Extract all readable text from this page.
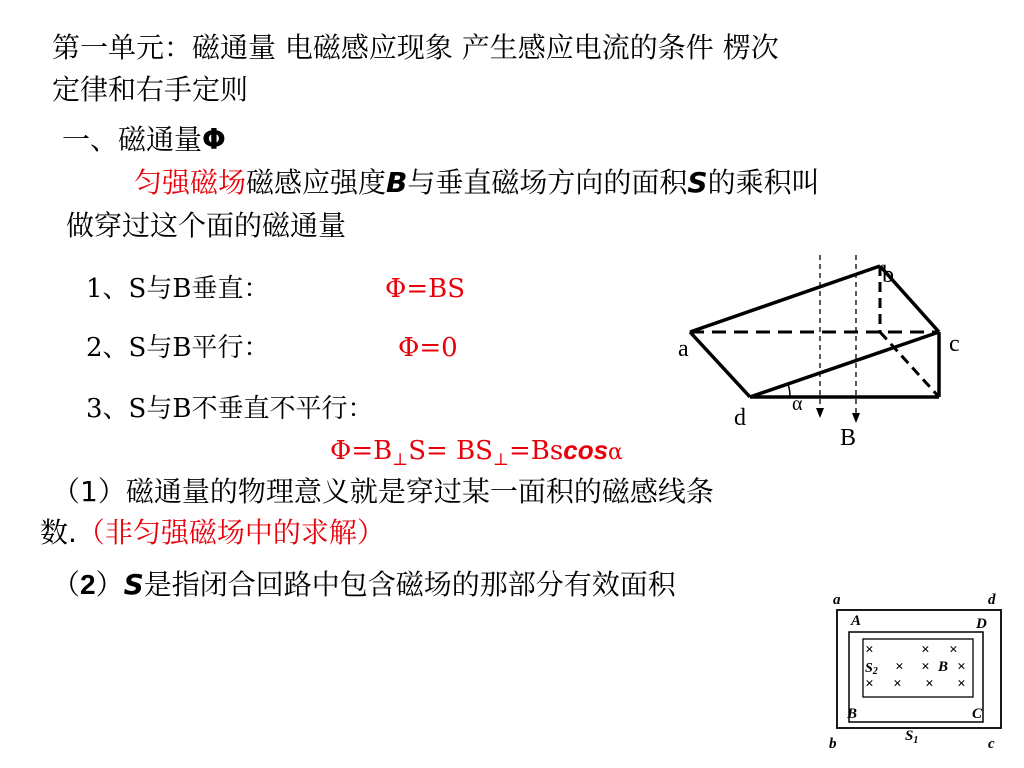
第一单元：磁通量 电磁感应现象 产生感应电流的条件 楞次
定律和右手定则
一、磁通量Φ
匀强磁场磁感应强度B与垂直磁场方向的面积S的乘积叫
做穿过这个面的磁通量
1、S与B垂直：	Φ=BS
2、S与B平行：	Φ=0
3、S与B不垂直不平行：
$\Phi=B_\perp S= BS_\perp=Bscos\alpha$
（1）磁通量的物理意义就是穿过某一面积的磁感线条
数.（非匀强磁场中的求解）
（2）S是指闭合回路中包含磁场的那部分有效面积
b
c
a
d
α
B
a	d
b	c
A	D
B	C
×	× ×
× × ×
× × × ×
S2	B
$S_1$
